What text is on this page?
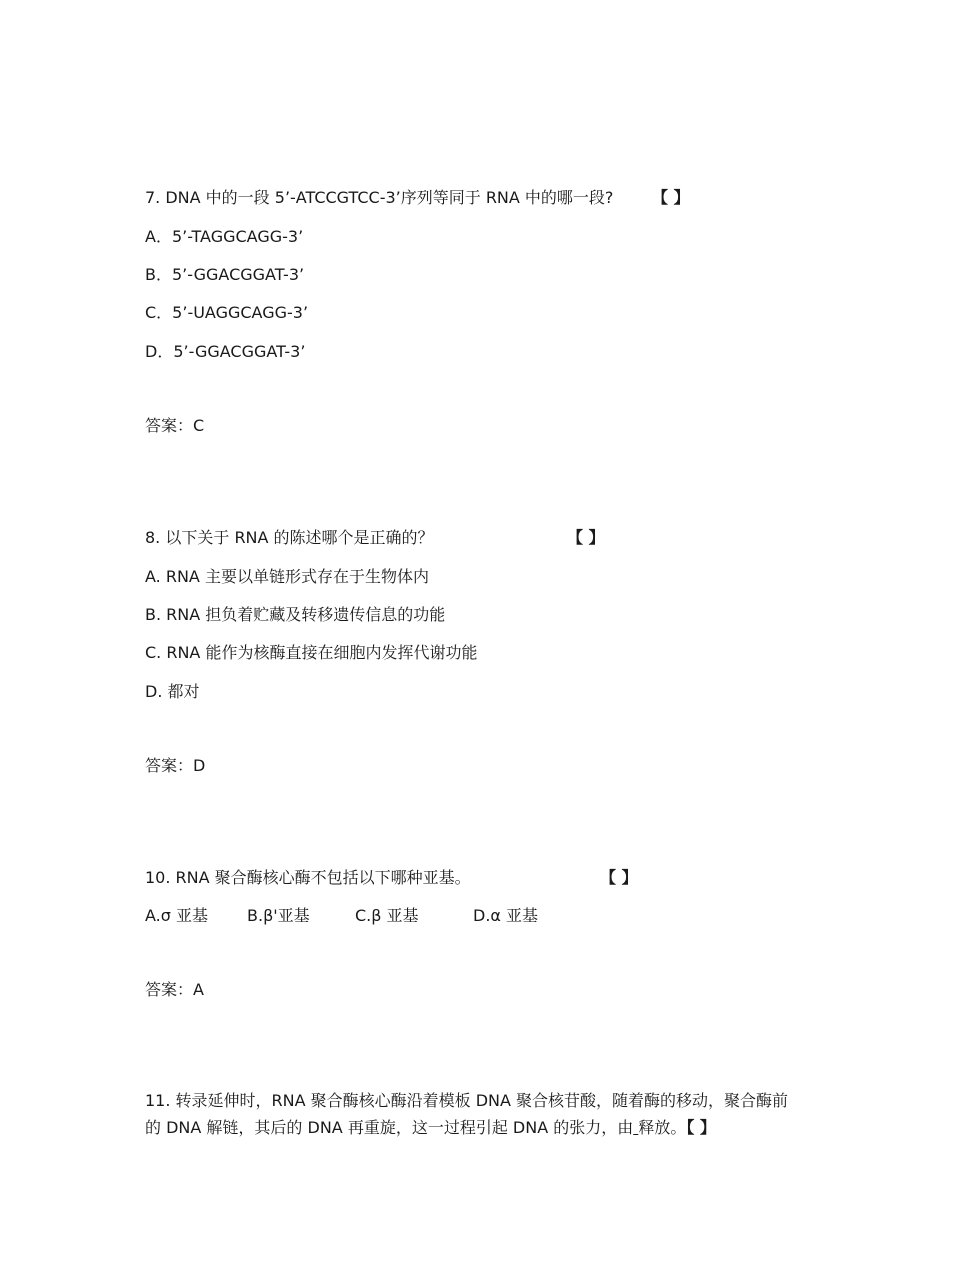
7. DNA 中的一段 5’-ATCCGTCC-3’序列等同于 RNA 中的哪一段? 【 】
A．5’-TAGGCAGG-3’
B．5’-GGACGGAT-3’
C．5’-UAGGCAGG-3’
D．5’-GGACGGAT-3’
答案：C
8. 以下关于 RNA 的陈述哪个是正确的？	【 】
A. RNA 主要以单链形式存在于生物体内
B. RNA 担负着贮藏及转移遗传信息的功能
C. RNA 能作为核酶直接在细胞内发挥代谢功能
D. 都对
答案：D
10. RNA 聚合酶核心酶不包括以下哪种亚基。	【 】
A.σ 亚基 B.β'亚基	C.β 亚基	D.α 亚基
答案：A
11. 转录延伸时，RNA 聚合酶核心酶沿着模板 DNA 聚合核苷酸，随着酶的移动，聚合酶前
的 DNA 解链，其后的 DNA 再重旋，这一过程引起 DNA 的张力，由 释放。【 】
